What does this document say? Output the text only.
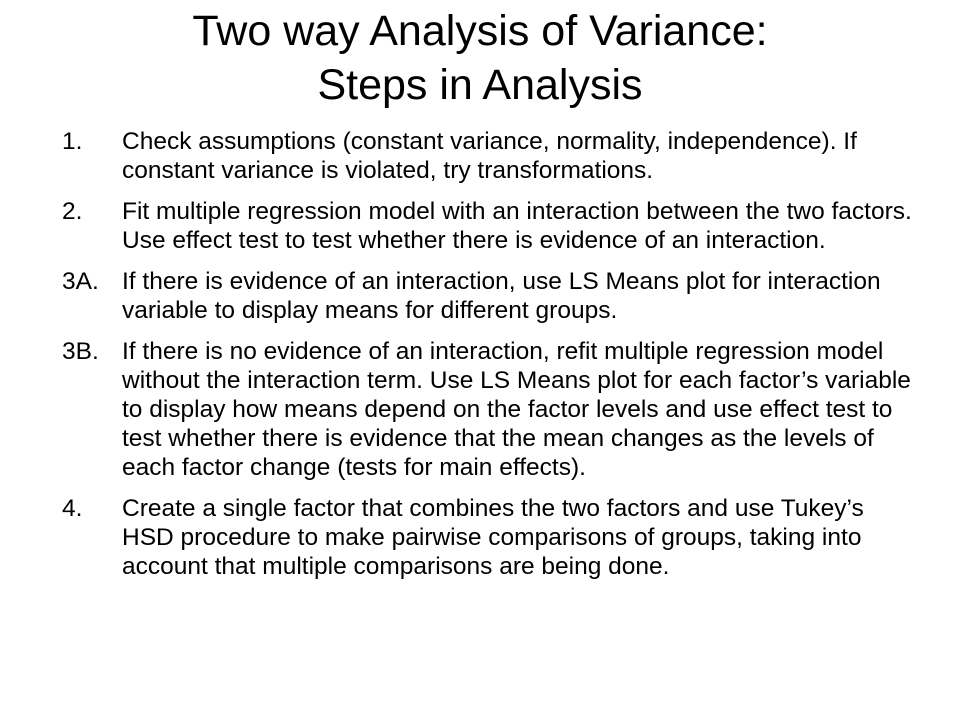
Two way Analysis of Variance:
Steps in Analysis
1.	Check assumptions (constant variance, normality, independence). If constant variance is violated, try transformations.
2.	Fit multiple regression model with an interaction between the two factors. Use effect test to test whether there is evidence of an interaction.
3A. If there is evidence of an interaction, use LS Means plot for interaction variable to display means for different groups.
3B. If there is no evidence of an interaction, refit multiple regression model without the interaction term. Use LS Means plot for each factor’s variable to display how means depend on the factor levels and use effect test to test whether there is evidence that the mean changes as the levels of each factor change (tests for main effects).
4.	Create a single factor that combines the two factors and use Tukey’s HSD procedure to make pairwise comparisons of groups, taking into account that multiple comparisons are being done.
